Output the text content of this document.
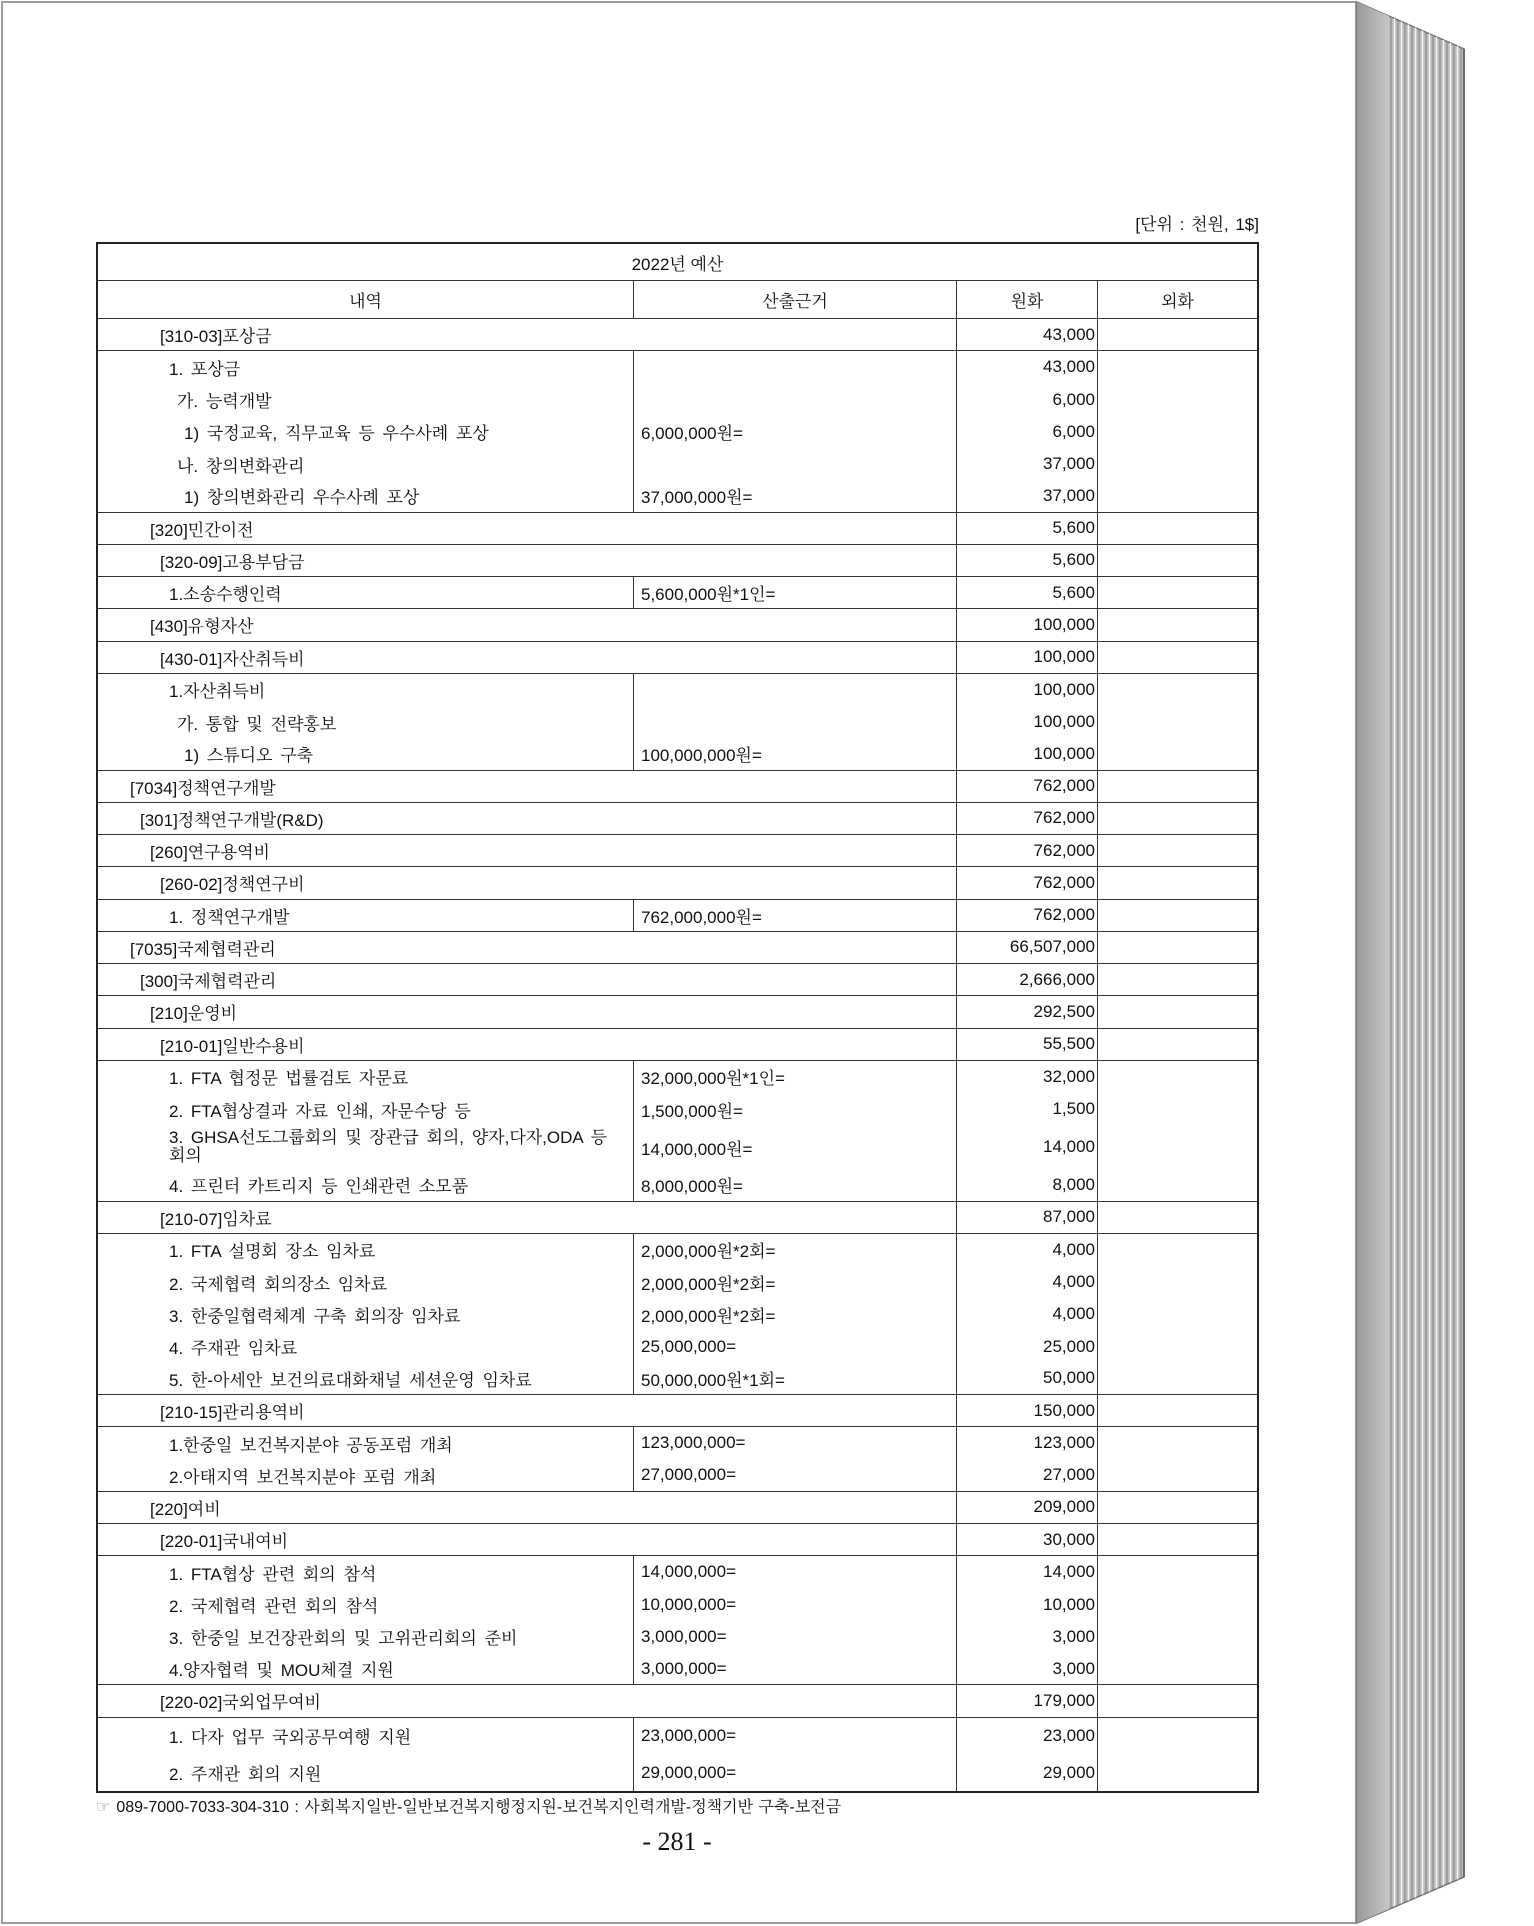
[단위 : 천원, 1$]
2022년 예산
내역	산출근거	원화	외화
[310-03]포상금	43,000
1. 포상금	43,000
가. 능력개발	6,000
1) 국정교육, 직무교육 등 우수사례 포상	6,000,000원=	6,000
나. 창의변화관리	37,000
1) 창의변화관리 우수사례 포상	37,000,000원=	37,000
[320]민간이전	5,600
[320-09]고용부담금	5,600
1.소송수행인력	5,600,000원*1인=	5,600
[430]유형자산	100,000
[430-01]자산취득비	100,000
1.자산취득비	100,000
가. 통합 및 전략홍보	100,000
1) 스튜디오 구축	100,000,000원=	100,000
[7034]정책연구개발	762,000
[301]정책연구개발(R&D)	762,000
[260]연구용역비	762,000
[260-02]정책연구비	762,000
1. 정책연구개발	762,000,000원=	762,000
[7035]국제협력관리	66,507,000
[300]국제협력관리	2,666,000
[210]운영비	292,500
[210-01]일반수용비	55,500
1. FTA 협정문 법률검토 자문료	32,000,000원*1인=	32,000
2. FTA협상결과 자료 인쇄, 자문수당 등	1,500,000원=	1,500
3. GHSA선도그룹회의 및 장관급 회의, 양자,다자,ODA 등 회의	14,000,000원=	14,000
4. 프린터 카트리지 등 인쇄관련 소모품	8,000,000원=	8,000
[210-07]임차료	87,000
1. FTA 설명회 장소 임차료	2,000,000원*2회=	4,000
2. 국제협력 회의장소 임차료	2,000,000원*2회=	4,000
3. 한중일협력체계 구축 회의장 임차료	2,000,000원*2회=	4,000
4. 주재관 임차료	25,000,000=	25,000
5. 한-아세안 보건의료대화채널 세션운영 임차료	50,000,000원*1회=	50,000
[210-15]관리용역비	150,000
1.한중일 보건복지분야 공동포럼 개최	123,000,000=	123,000
2.아태지역 보건복지분야 포럼 개최	27,000,000=	27,000
[220]여비	209,000
[220-01]국내여비	30,000
1. FTA협상 관련 회의 참석	14,000,000=	14,000
2. 국제협력 관련 회의 참석	10,000,000=	10,000
3. 한중일 보건장관회의 및 고위관리회의 준비	3,000,000=	3,000
4.양자협력 및 MOU체결 지원	3,000,000=	3,000
[220-02]국외업무여비	179,000
1. 다자 업무 국외공무여행 지원	23,000,000=	23,000
2. 주재관 회의 지원	29,000,000=	29,000
☞ 089-7000-7033-304-310 : 사회복지일반-일반보건복지행정지원-보건복지인력개발-정책기반 구축-보전금
- 281 -
